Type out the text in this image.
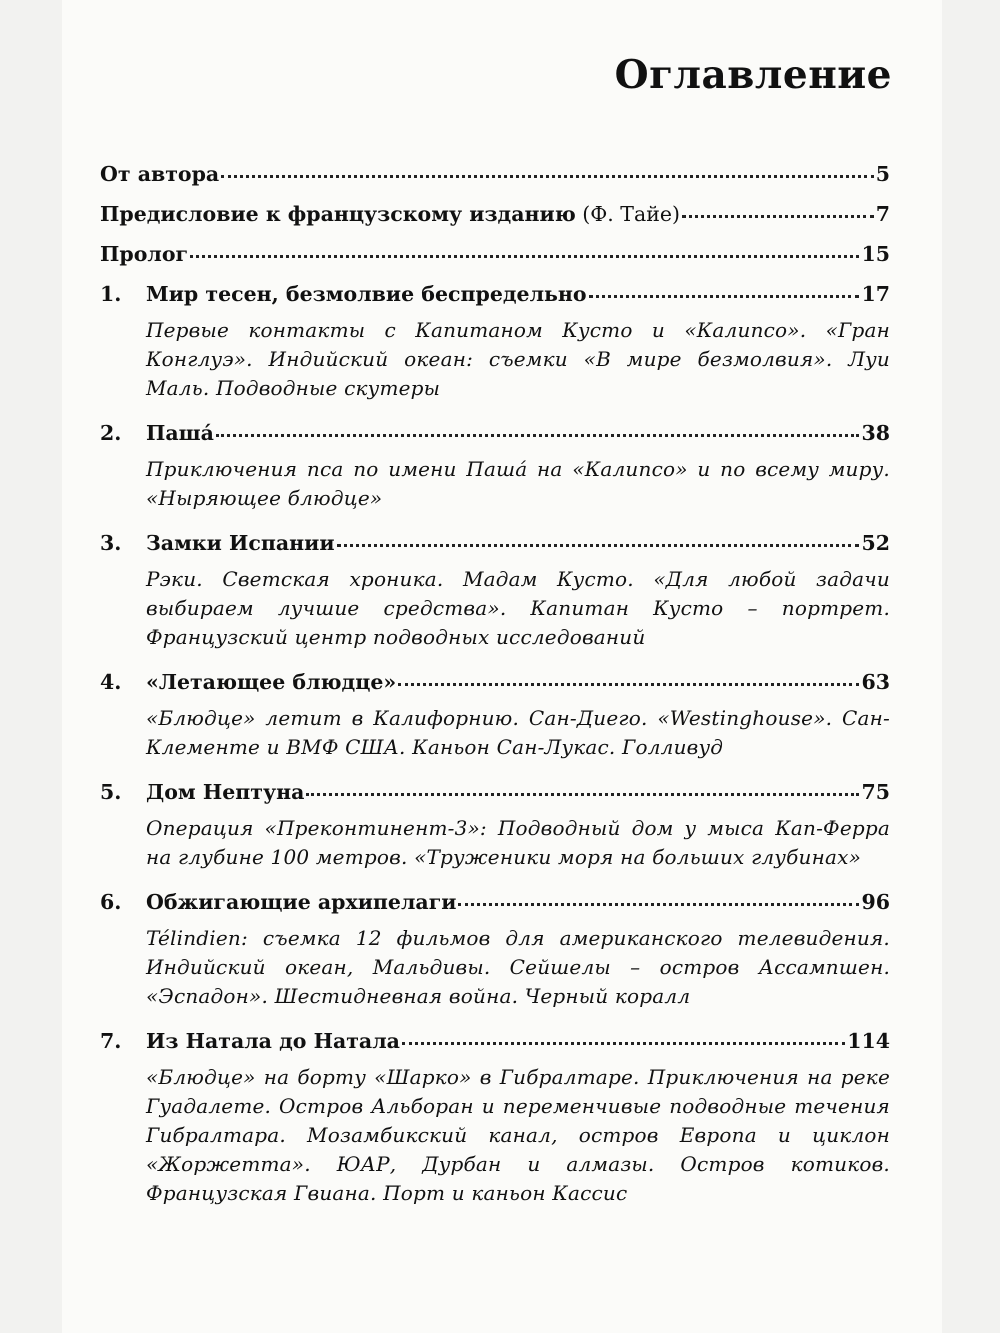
Оглавление
От автора	5
Предисловие к французскому изданию (Ф. Тайе)	7
Пролог	15
1.	Мир тесен, безмолвие беспредельно	17
Первые контакты с Капитаном Кусто и «Калипсо». «Гран Конглуэ». Индийский океан: съемки «В мире безмолвия». Луи Маль. Подводные скутеры
2.	Паша́	38
Приключения пса по имени Паша́ на «Калипсо» и по всему миру. «Ныряющее блюдце»
3.	Замки Испании	52
Рэки. Светская хроника. Мадам Кусто. «Для любой задачи выбираем лучшие средства». Капитан Кусто – портрет. Французский центр подводных исследований
4.	«Летающее блюдце»	63
«Блюдце» летит в Калифорнию. Сан-Диего. «Westinghouse». Сан-Клементе и ВМФ США. Каньон Сан-Лукас. Голливуд
5.	Дом Нептуна	75
Операция «Преконтинент-3»: Подводный дом у мыса Кап-Ферра на глубине 100 метров. «Труженики моря на больших глубинах»
6.	Обжигающие архипелаги	96
Télindien: съемка 12 фильмов для американского телевидения. Индийский океан, Мальдивы. Сейшелы – остров Ассампшен. «Эспадон». Шестидневная война. Черный коралл
7.	Из Натала до Натала	114
«Блюдце» на борту «Шарко» в Гибралтаре. Приключения на реке Гуадалете. Остров Альборан и переменчивые подводные течения Гибралтара. Мозамбикский канал, остров Европа и циклон «Жоржетта». ЮАР, Дурбан и алмазы. Остров котиков. Французская Гвиана. Порт и каньон Кассис
